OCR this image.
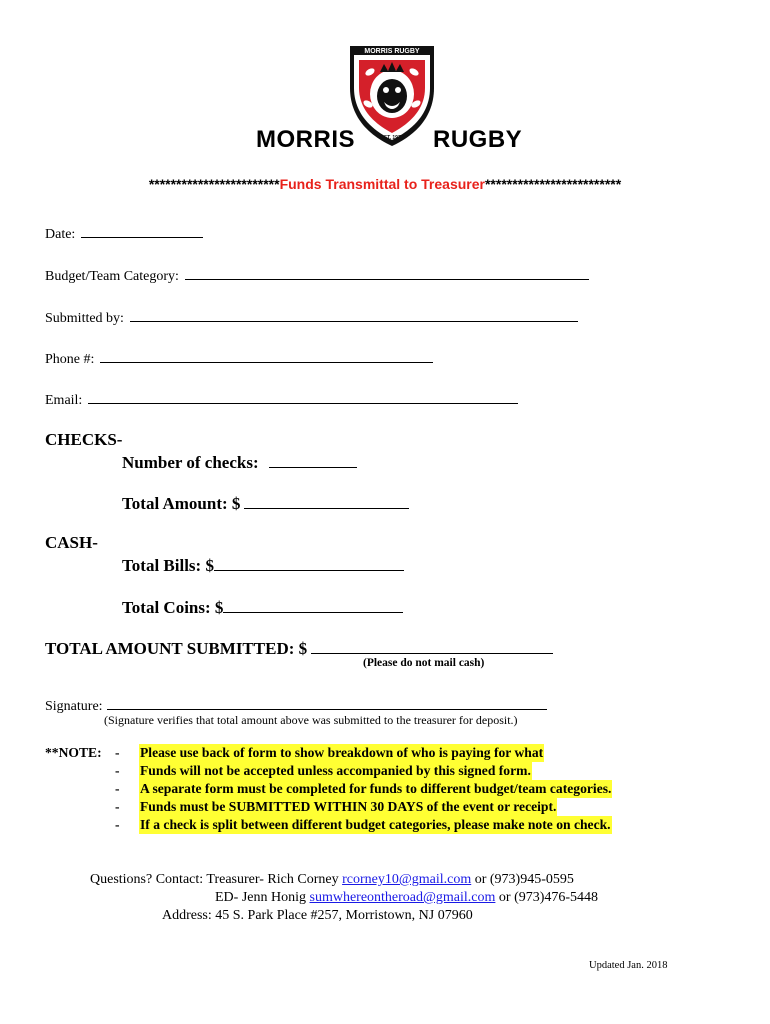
MORRIS RUGBY
EST. 1973
MORRIS	RUGBY
************************Funds Transmittal to Treasurer*************************
Date:
Budget/Team Category:
Submitted by:
Phone #:
Email:
CHECKS-
Number of checks:
Total Amount: $
CASH-
Total Bills: $
Total Coins: $
TOTAL AMOUNT SUBMITTED: $
(Please do not mail cash)
Signature:
(Signature verifies that total amount above was submitted to the treasurer for deposit.)
**NOTE: - Please use back of form to show breakdown of who is paying for what
- Funds will not be accepted unless accompanied by this signed form.
- A separate form must be completed for funds to different budget/team categories.
- Funds must be SUBMITTED WITHIN 30 DAYS of the event or receipt.
- If a check is split between different budget categories, please make note on check.
Questions? Contact: Treasurer- Rich Corney rcorney10@gmail.com or (973)945-0595
ED- Jenn Honig sumwhereontheroad@gmail.com or (973)476-5448
Address: 45 S. Park Place #257, Morristown, NJ 07960
Updated Jan. 2018
